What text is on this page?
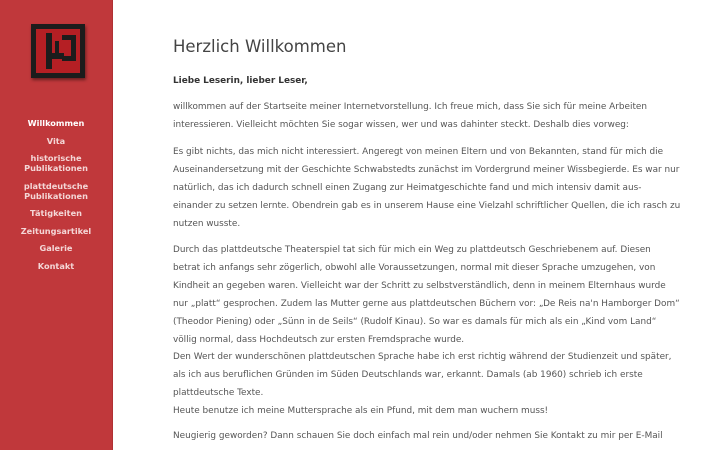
Willkommen
Vita
historische
Publikationen
plattdeutsche
Publikationen
Tätigkeiten
Zeitungsartikel
Galerie
Kontakt
Herzlich Willkommen

Liebe Leserin, lieber Leser,

willkommen auf der Startseite meiner Internetvorstellung. Ich freue mich, dass Sie sich für meine Arbeiten
interessieren. Vielleicht möchten Sie sogar wissen, wer und was dahinter steckt. Deshalb dies vorweg:

Es gibt nichts, das mich nicht interessiert. Angeregt von meinen Eltern und von Bekannten, stand für mich die
Auseinandersetzung mit der Geschichte Schwabstedts zunächst im Vordergrund meiner Wissbegierde. Es war nur
natürlich, das ich dadurch schnell einen Zugang zur Heimatgeschichte fand und mich intensiv damit aus-
einander zu setzen lernte. Obendrein gab es in unserem Hause eine Vielzahl schriftlicher Quellen, die ich rasch zu
nutzen wusste.

Durch das plattdeutsche Theaterspiel tat sich für mich ein Weg zu plattdeutsch Geschriebenem auf. Diesen
betrat ich anfangs sehr zögerlich, obwohl alle Voraussetzungen, normal mit dieser Sprache umzugehen, von
Kindheit an gegeben waren. Vielleicht war der Schritt zu selbstverständlich, denn in meinem Elternhaus wurde
nur „platt“ gesprochen. Zudem las Mutter gerne aus plattdeutschen Büchern vor: „De Reis na'n Hamborger Dom“
(Theodor Piening) oder „Sünn in de Seils“ (Rudolf Kinau). So war es damals für mich als ein „Kind vom Land“
völlig normal, dass Hochdeutsch zur ersten Fremdsprache wurde.
Den Wert der wunderschönen plattdeutschen Sprache habe ich erst richtig während der Studienzeit und später,
als ich aus beruflichen Gründen im Süden Deutschlands war, erkannt. Damals (ab 1960) schrieb ich erste
plattdeutsche Texte.
Heute benutze ich meine Muttersprache als ein Pfund, mit dem man wuchern muss!

Neugierig geworden? Dann schauen Sie doch einfach mal rein und/oder nehmen Sie Kontakt zu mir per E-Mail
